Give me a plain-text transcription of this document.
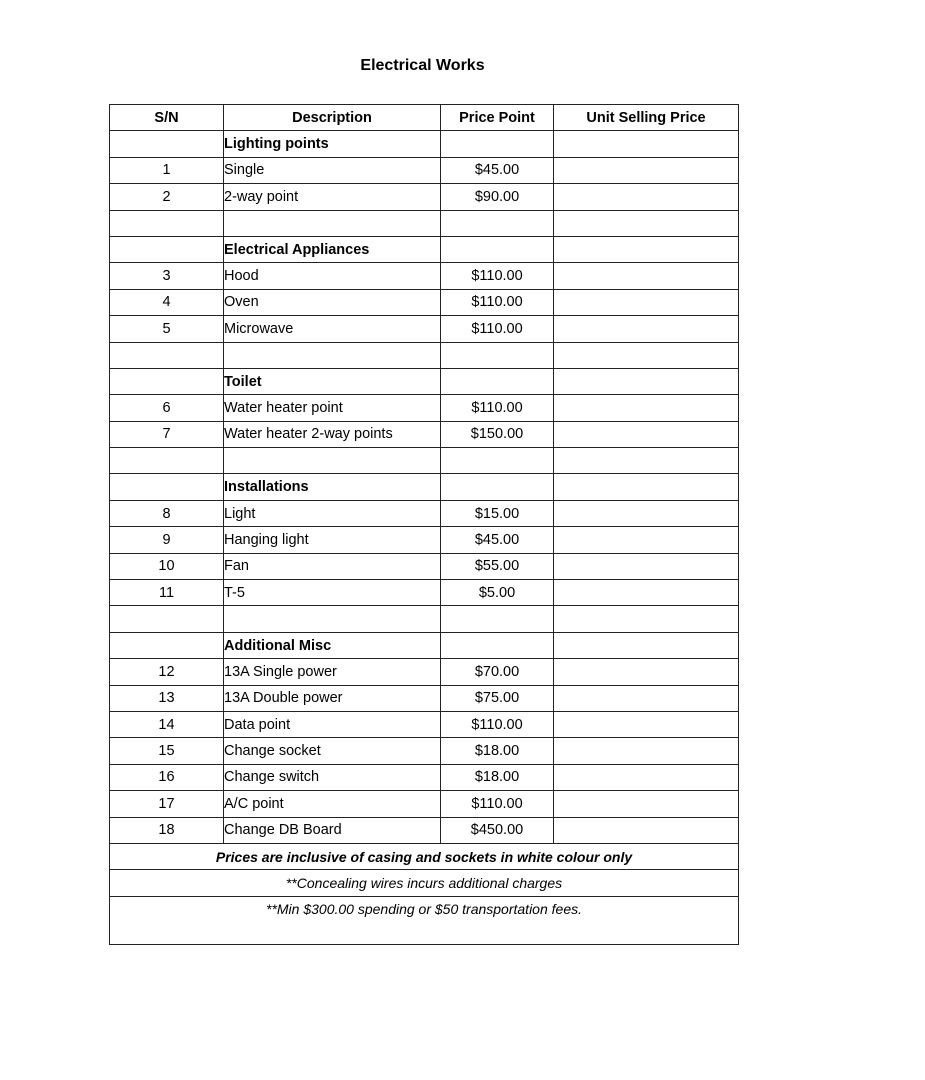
Electrical Works
S/N	Description	Price Point	Unit Selling Price
	Lighting points		
1	Single	$45.00	
2	2-way point	$90.00	

	Electrical Appliances		
3	Hood	$110.00	
4	Oven	$110.00	
5	Microwave	$110.00	

	Toilet		
6	Water heater point	$110.00	
7	Water heater 2-way points	$150.00	

	Installations		
8	Light	$15.00	
9	Hanging light	$45.00	
10	Fan	$55.00	
11	T-5	$5.00	

	Additional Misc		
12	13A Single power	$70.00	
13	13A Double power	$75.00	
14	Data point	$110.00	
15	Change socket	$18.00	
16	Change switch	$18.00	
17	A/C point	$110.00	
18	Change DB Board	$450.00	
Prices are inclusive of casing and sockets in white colour only			
**Concealing wires incurs additional charges			
**Min $300.00 spending or $50 transportation fees.			
